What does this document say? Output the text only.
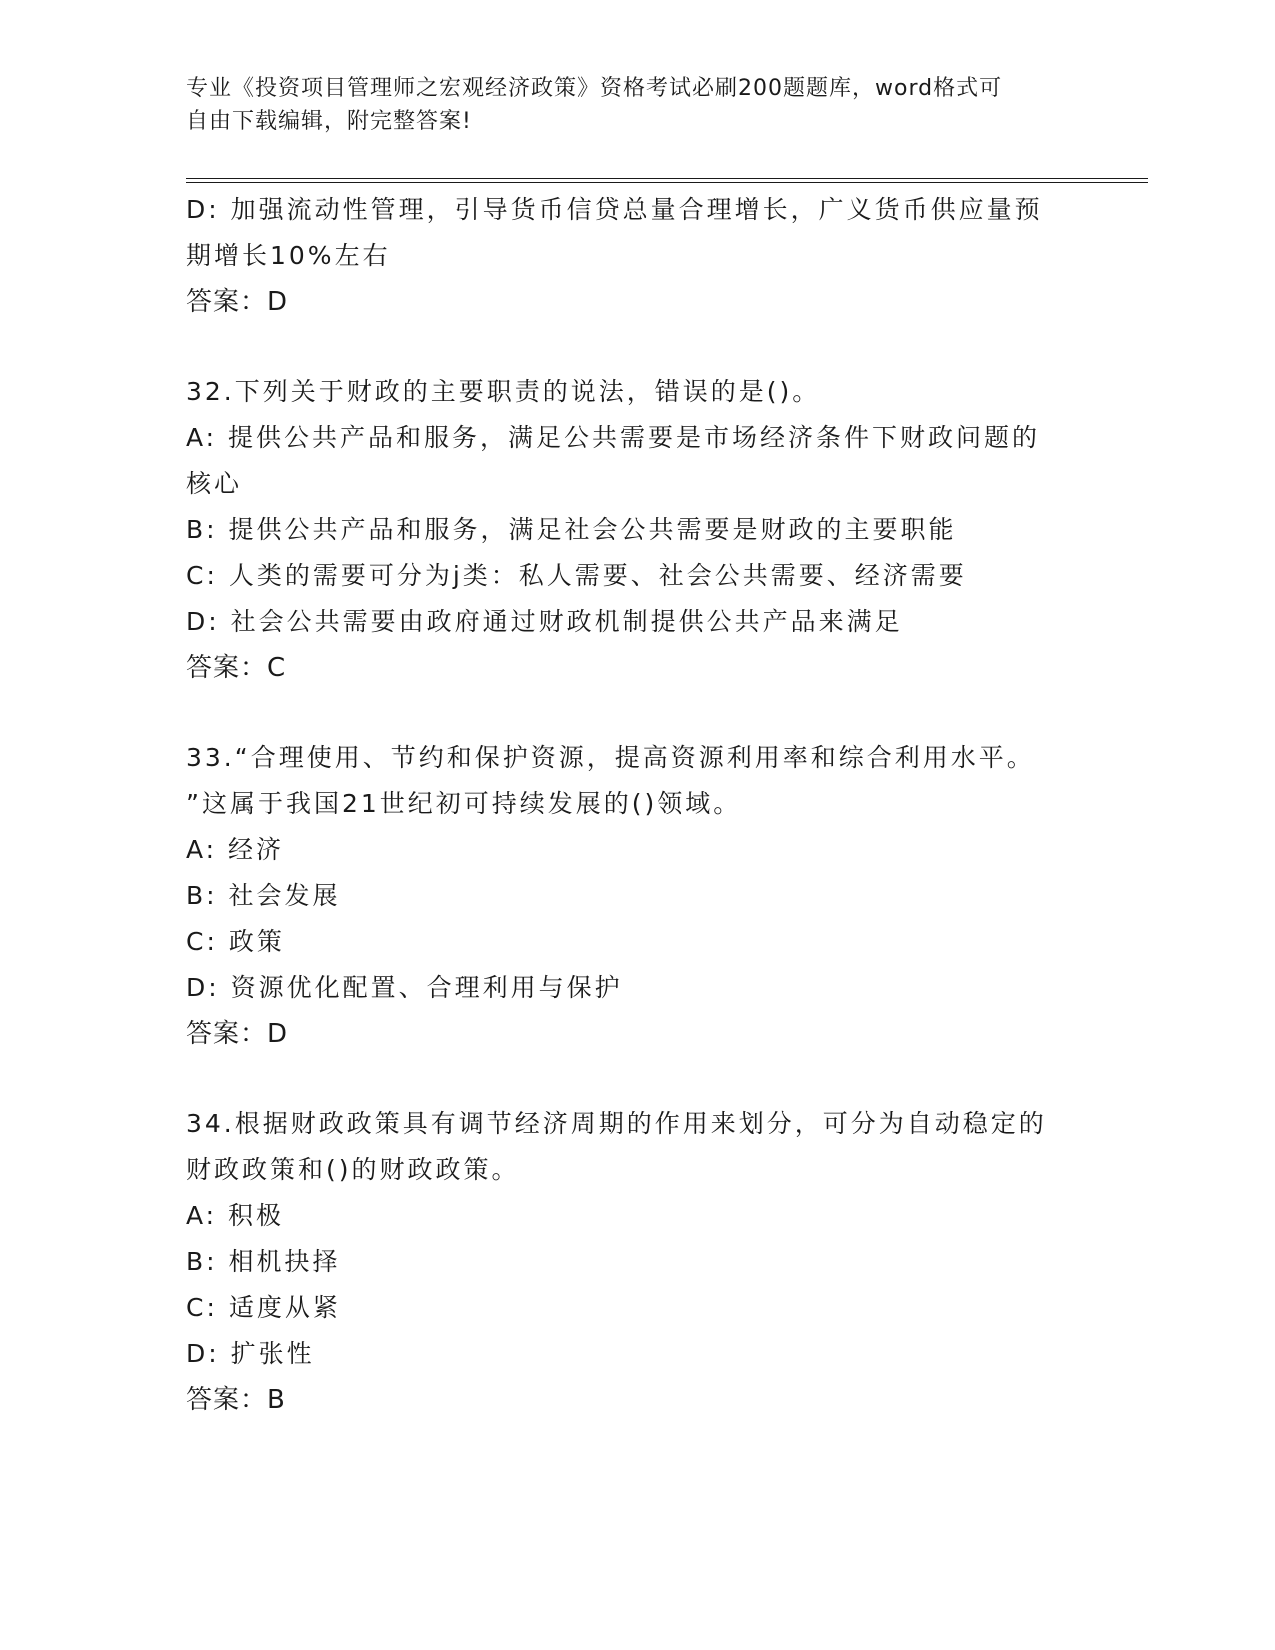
专业《投资项目管理师之宏观经济政策》资格考试必刷200题题库，word格式可
自由下载编辑，附完整答案!
D: 加强流动性管理，引导货币信贷总量合理增长，广义货币供应量预
期增长10%左右
答案：D
32.下列关于财政的主要职责的说法，错误的是()。
A: 提供公共产品和服务，满足公共需要是市场经济条件下财政问题的
核心
B: 提供公共产品和服务，满足社会公共需要是财政的主要职能
C: 人类的需要可分为j类：私人需要、社会公共需要、经济需要
D: 社会公共需要由政府通过财政机制提供公共产品来满足
答案：C
33.“合理使用、节约和保护资源，提高资源利用率和综合利用水平。
”这属于我国21世纪初可持续发展的()领域。
A: 经济
B: 社会发展
C: 政策
D: 资源优化配置、合理利用与保护
答案：D
34.根据财政政策具有调节经济周期的作用来划分，可分为自动稳定的
财政政策和()的财政政策。
A: 积极
B: 相机抉择
C: 适度从紧
D: 扩张性
答案：B
